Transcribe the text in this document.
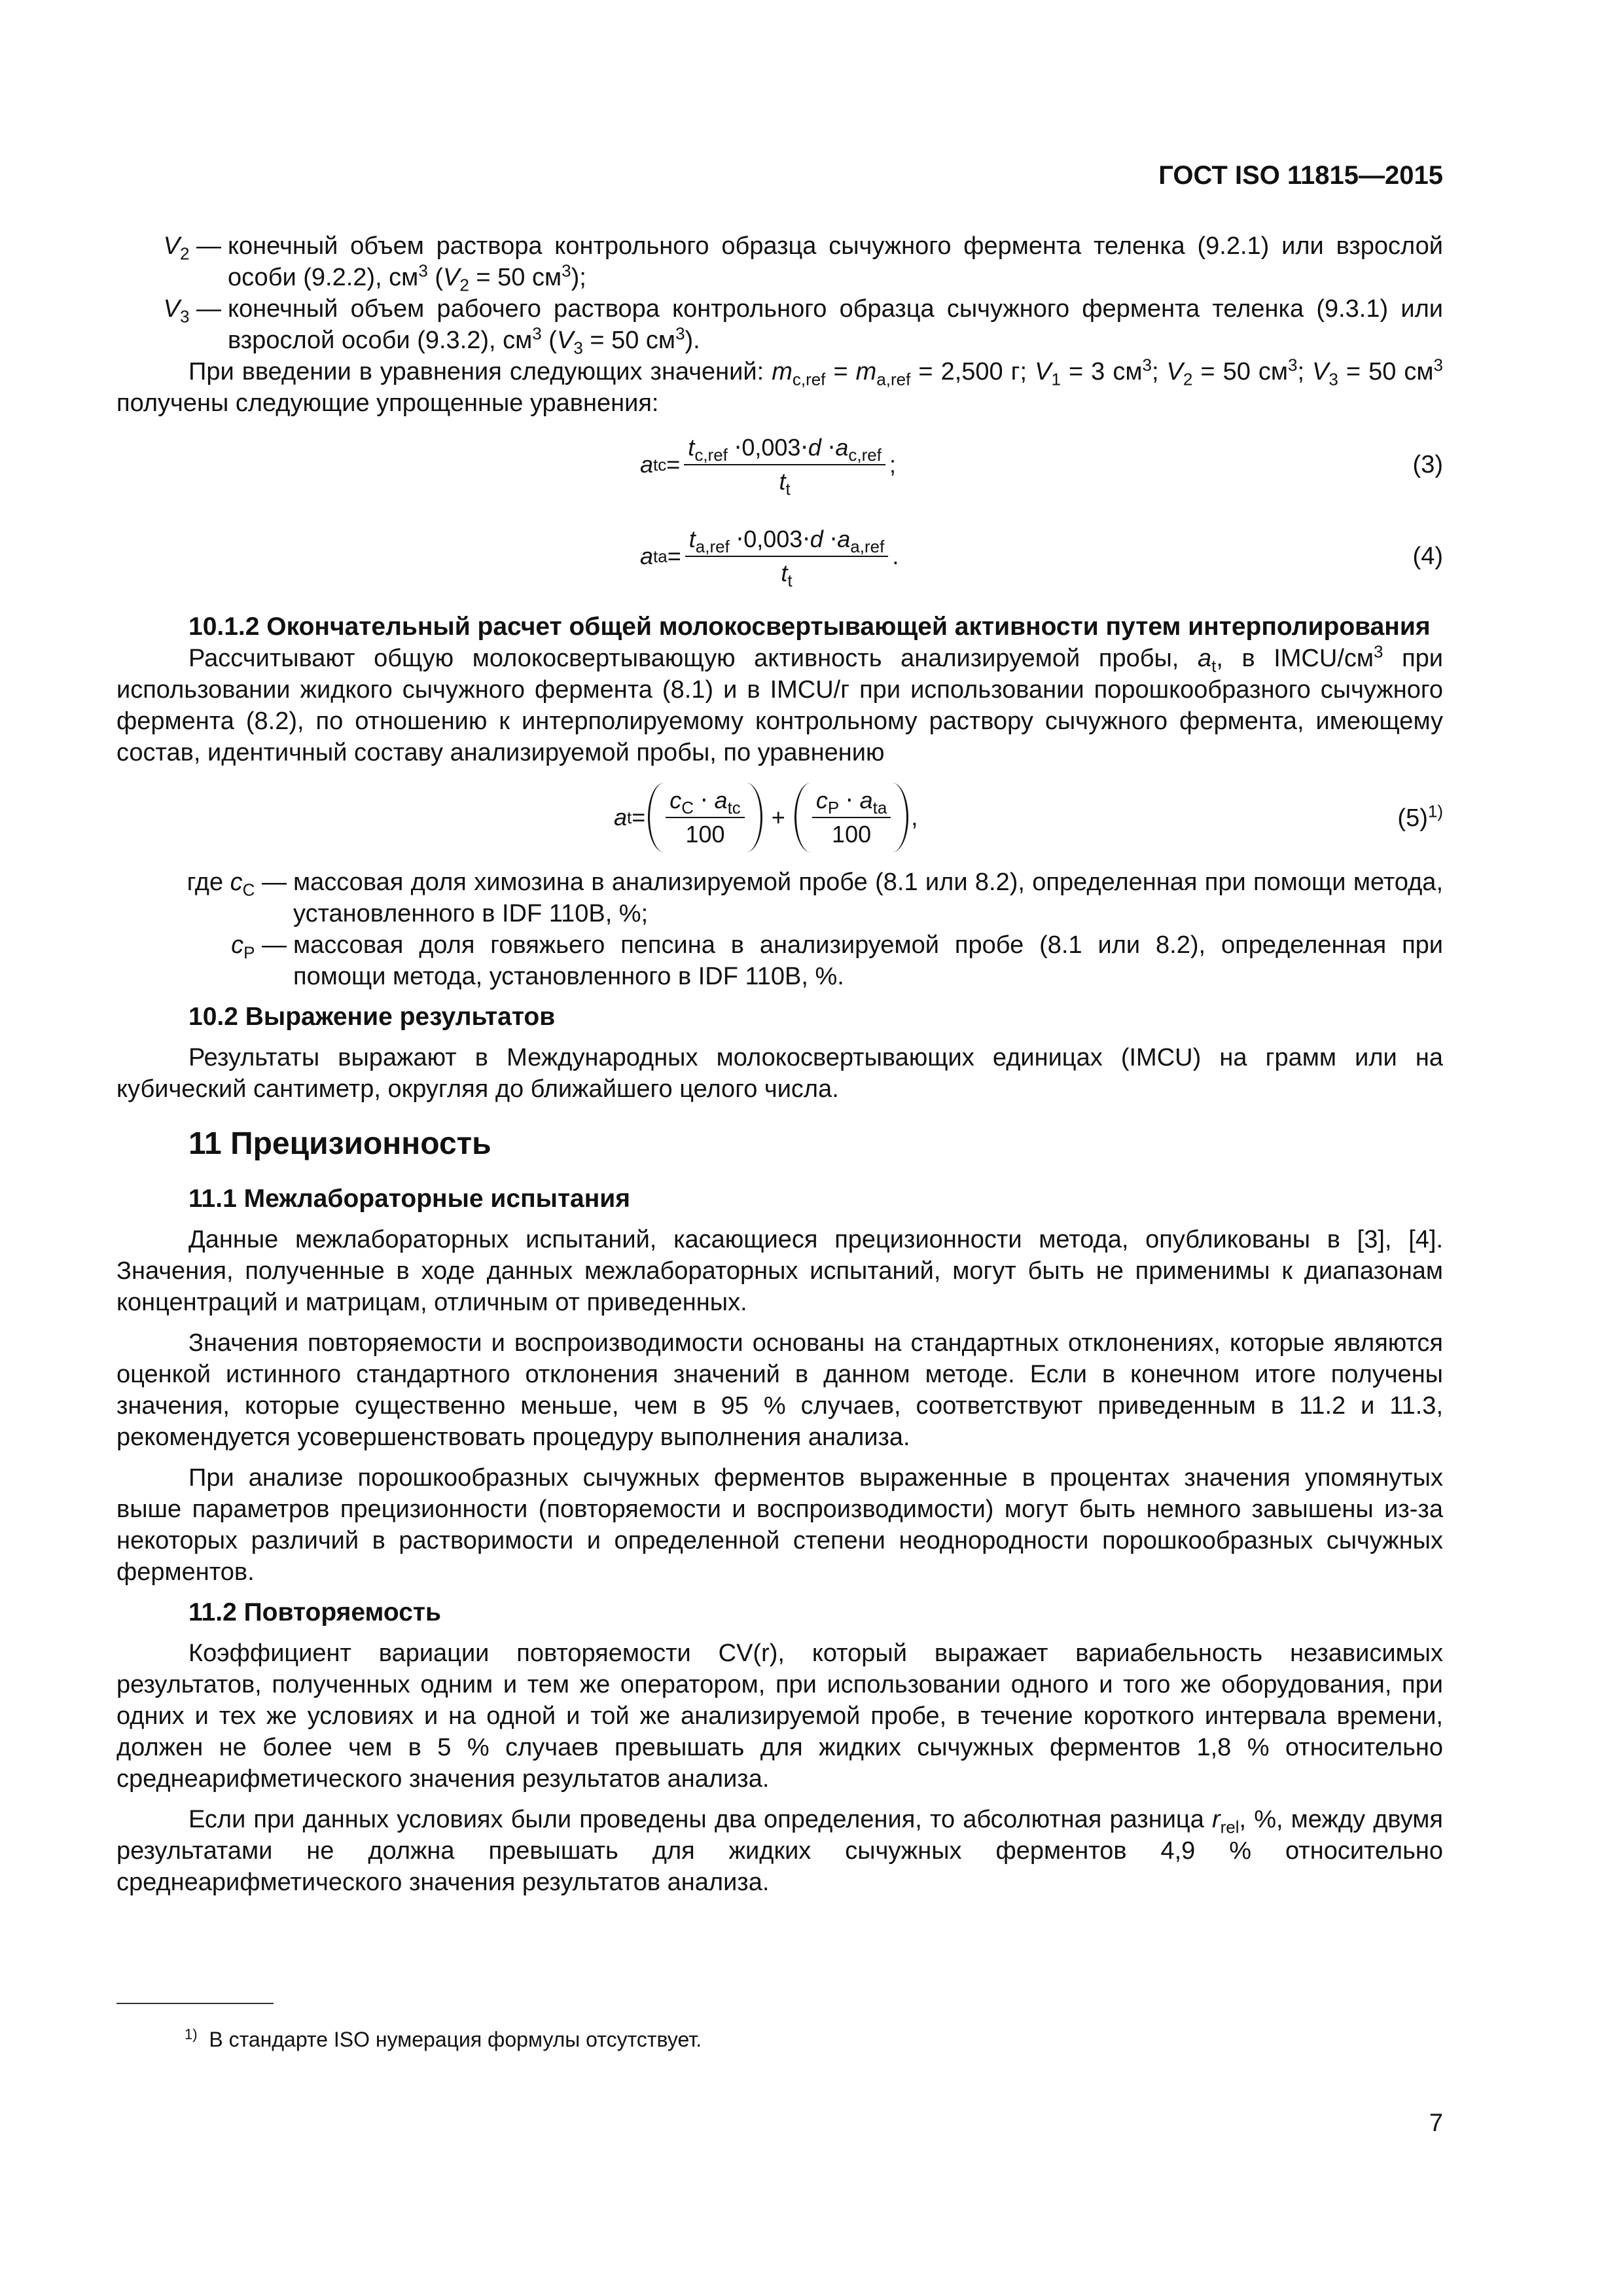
ГОСТ ISO 11815—2015
$V_2$ — конечный объем раствора контрольного образца сычужного фермента теленка (9.2.1) или взрослой особи (9.2.2), $см^3$ ($V_2 = 50$ $см^3$);
$V_3$ — конечный объем рабочего раствора контрольного образца сычужного фермента теленка (9.3.1) или взрослой особи (9.3.2), $см^3$ ($V_3 = 50$ $см^3$).

При введении в уравнения следующих значений: $m_{c,ref} = m_{a,ref} = 2,500$ г; $V_1 = 3$ $см^3$; $V_2 = 50$ $см^3$; $V_3 = 50$ $см^3$ получены следующие упрощенные уравнения:

a tc = $\frac{t_{c,ref} \cdot 0,003\cdot d \cdot a_{c,ref}}{t_t}$ ;	(3)
a ta = $\frac{t_{a,ref} \cdot 0,003\cdot d \cdot a_{a,ref}}{t_t}$ .	(4)
10.1.2 Окончательный расчет общей молокосвертывающей активности путем интерполирования

Рассчитывают общую молокосвертывающую активность анализируемой пробы, $a_t$, в IMCU/$см^3$ при использовании жидкого сычужного фермента (8.1) и в IMCU/г при использовании порошкообразного сычужного фермента (8.2), по отношению к интерполируемому контрольному раствору сычужного фермента, имеющему состав, идентичный составу анализируемой пробы, по уравнению

a $t = \frac{c_C \cdot a_{tc}}{100} + \frac{c_P \cdot a_{ta}}{100}$ ,	$(5)^{1)}$
где $c_C$ — массовая доля химозина в анализируемой пробе (8.1 или 8.2), определенная при помощи метода, установленного в IDF 110B, %;
$c_P$ — массовая доля говяжьего пепсина в анализируемой пробе (8.1 или 8.2), определенная при помощи метода, установленного в IDF 110B, %.
10.2 Выражение результатов

Результаты выражают в Международных молокосвертывающих единицах (IMCU) на грамм или на кубический сантиметр, округляя до ближайшего целого числа.

11 Прецизионность
11.1 Межлабораторные испытания

Данные межлабораторных испытаний, касающиеся прецизионности метода, опубликованы в [3], [4]. Значения, полученные в ходе данных межлабораторных испытаний, могут быть не применимы к диапазонам концентраций и матрицам, отличным от приведенных.

Значения повторяемости и воспроизводимости основаны на стандартных отклонениях, которые являются оценкой истинного стандартного отклонения значений в данном методе. Если в конечном итоге получены значения, которые существенно меньше, чем в 95 % случаев, соответствуют приведенным в 11.2 и 11.3, рекомендуется усовершенствовать процедуру выполнения анализа.

При анализе порошкообразных сычужных ферментов выраженные в процентах значения упомянутых выше параметров прецизионности (повторяемости и воспроизводимости) могут быть немного завышены из-за некоторых различий в растворимости и определенной степени неоднородности порошкообразных сычужных ферментов.

11.2 Повторяемость

Коэффициент вариации повторяемости CV(r), который выражает вариабельность независимых результатов, полученных одним и тем же оператором, при использовании одного и того же оборудования, при одних и тех же условиях и на одной и той же анализируемой пробе, в течение короткого интервала времени, должен не более чем в 5 % случаев превышать для жидких сычужных ферментов 1,8 % относительно среднеарифметического значения результатов анализа.

Если при данных условиях были проведены два определения, то абсолютная разница $r_{rel}$, %, между двумя результатами не должна превышать для жидких сычужных ферментов 4,9 % относительно среднеарифметического значения результатов анализа.

$^{1)}$ В стандарте ISO нумерация формулы отсутствует.
7
